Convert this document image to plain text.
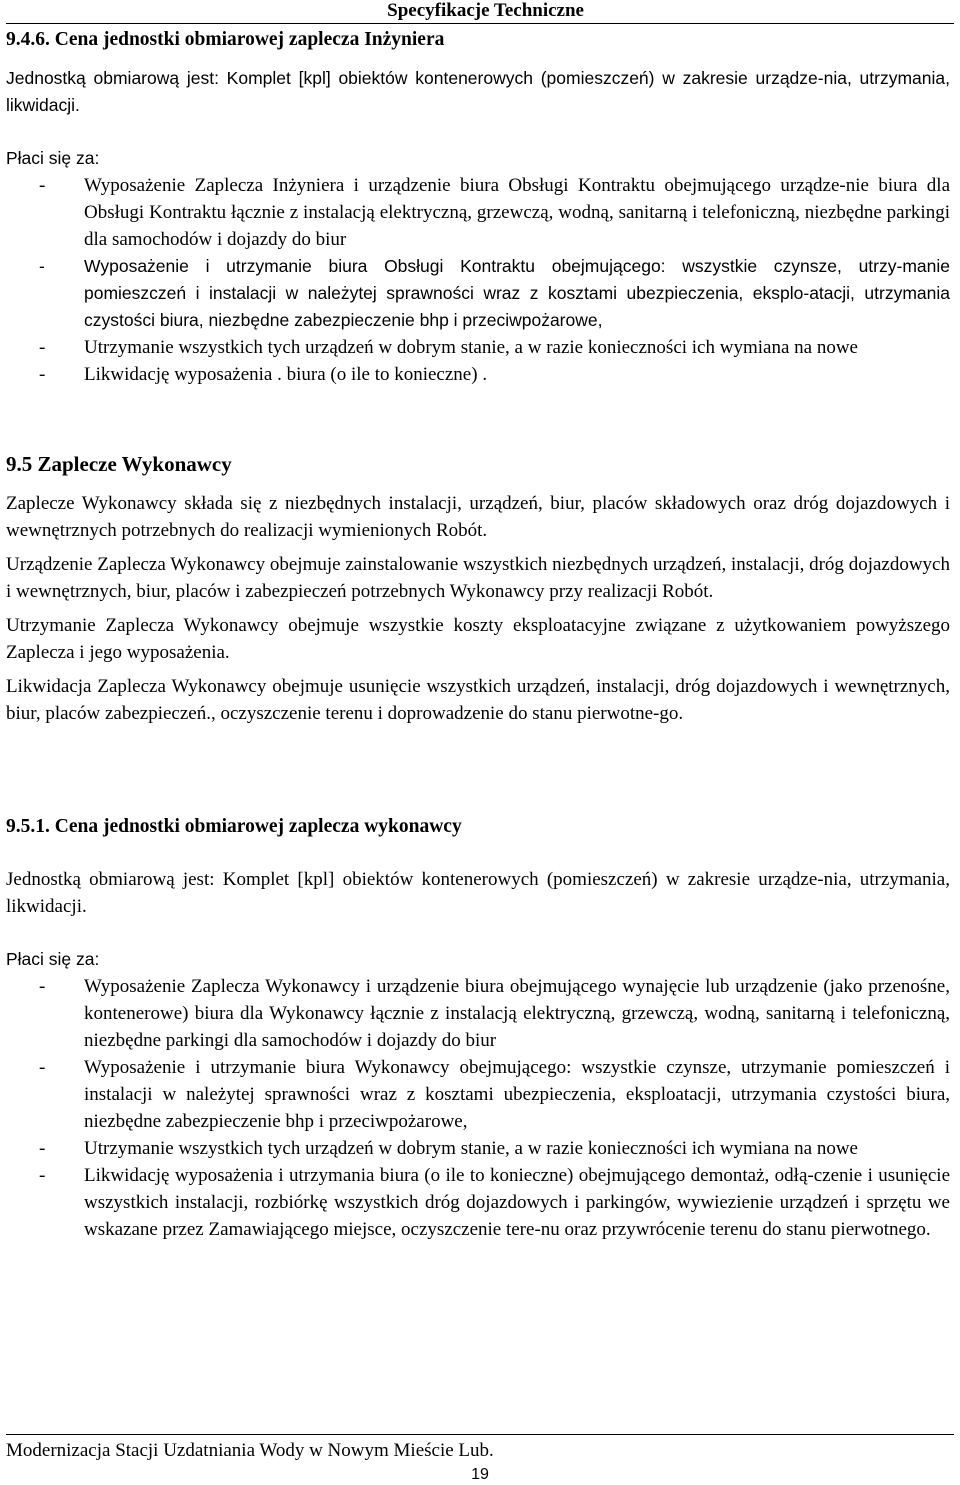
Specyfikacje Techniczne
9.4.6. Cena jednostki obmiarowej zaplecza Inżyniera

Jednostką obmiarową jest: Komplet [kpl] obiektów kontenerowych (pomieszczeń) w zakresie urządze-nia, utrzymania, likwidacji.

Płaci się za:

- Wyposażenie Zaplecza Inżyniera i urządzenie biura Obsługi Kontraktu obejmującego urządze-nie biura dla Obsługi Kontraktu łącznie z instalacją elektryczną, grzewczą, wodną, sanitarną i telefoniczną, niezbędne parkingi dla samochodów i dojazdy do biur
- Wyposażenie i utrzymanie biura Obsługi Kontraktu obejmującego: wszystkie czynsze, utrzy-manie pomieszczeń i instalacji w należytej sprawności wraz z kosztami ubezpieczenia, eksplo-atacji, utrzymania czystości biura, niezbędne zabezpieczenie bhp i przeciwpożarowe,
- Utrzymanie wszystkich tych urządzeń w dobrym stanie, a w razie konieczności ich wymiana na nowe
- Likwidację wyposażenia . biura (o ile to konieczne) .
9.5 Zaplecze Wykonawcy

Zaplecze Wykonawcy składa się z niezbędnych instalacji, urządzeń, biur, placów składowych oraz dróg dojazdowych i wewnętrznych potrzebnych do realizacji wymienionych Robót.

Urządzenie Zaplecza Wykonawcy obejmuje zainstalowanie wszystkich niezbędnych urządzeń, instalacji, dróg dojazdowych i wewnętrznych, biur, placów i zabezpieczeń potrzebnych Wykonawcy przy realizacji Robót.

Utrzymanie Zaplecza Wykonawcy obejmuje wszystkie koszty eksploatacyjne związane z użytkowaniem powyższego Zaplecza i jego wyposażenia.

Likwidacja Zaplecza Wykonawcy obejmuje usunięcie wszystkich urządzeń, instalacji, dróg dojazdowych i wewnętrznych, biur, placów zabezpieczeń., oczyszczenie terenu i doprowadzenie do stanu pierwotne-go.

9.5.1. Cena jednostki obmiarowej zaplecza wykonawcy

Jednostką obmiarową jest: Komplet [kpl] obiektów kontenerowych (pomieszczeń) w zakresie urządze-nia, utrzymania, likwidacji.

Płaci się za:

- Wyposażenie Zaplecza Wykonawcy i urządzenie biura obejmującego wynajęcie lub urządzenie (jako przenośne, kontenerowe) biura dla Wykonawcy łącznie z instalacją elektryczną, grzewczą, wodną, sanitarną i telefoniczną, niezbędne parkingi dla samochodów i dojazdy do biur
- Wyposażenie i utrzymanie biura Wykonawcy obejmującego: wszystkie czynsze, utrzymanie pomieszczeń i instalacji w należytej sprawności wraz z kosztami ubezpieczenia, eksploatacji, utrzymania czystości biura, niezbędne zabezpieczenie bhp i przeciwpożarowe,
- Utrzymanie wszystkich tych urządzeń w dobrym stanie, a w razie konieczności ich wymiana na nowe
- Likwidację wyposażenia i utrzymania biura (o ile to konieczne) obejmującego demontaż, odłą-czenie i usunięcie wszystkich instalacji, rozbiórkę wszystkich dróg dojazdowych i parkingów, wywiezienie urządzeń i sprzętu we wskazane przez Zamawiającego miejsce, oczyszczenie tere-nu oraz przywrócenie terenu do stanu pierwotnego.
Modernizacja Stacji Uzdatniania Wody w Nowym Mieście Lub.
19
